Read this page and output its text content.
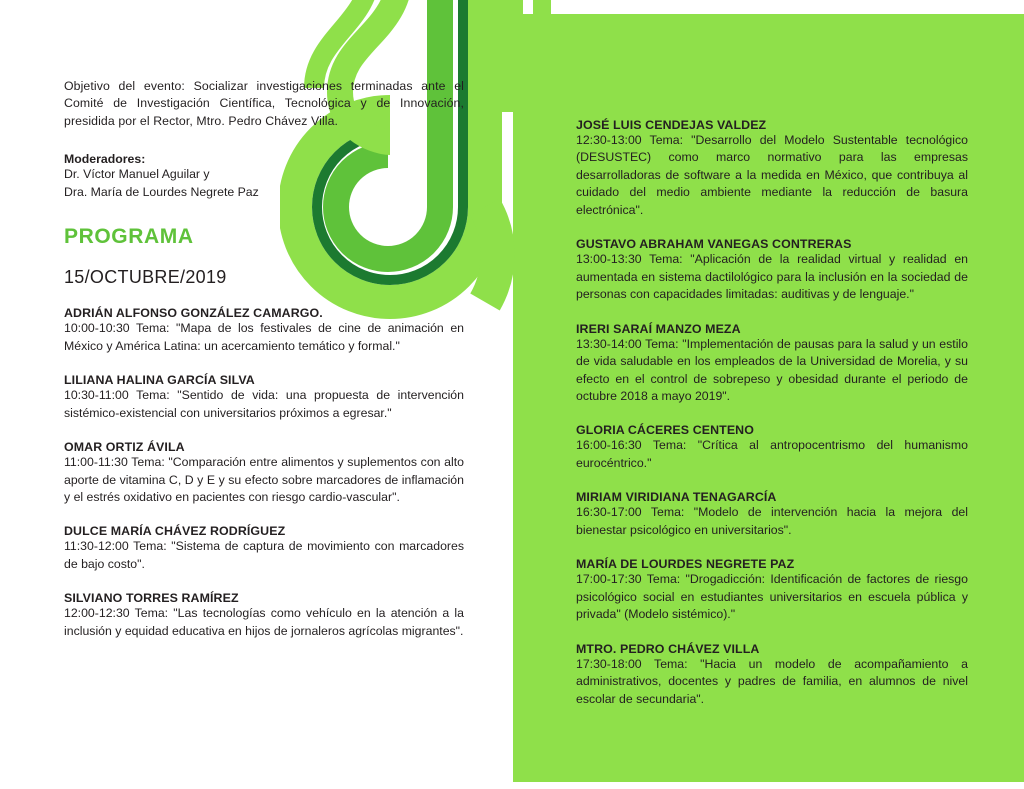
Objetivo del evento: Socializar investigaciones terminadas ante el Comité de Investigación Científica, Tecnológica y de Innovación, presidida por el Rector, Mtro. Pedro Chávez Villa.
Moderadores:
Dr. Víctor Manuel Aguilar y
Dra. María de Lourdes Negrete Paz
PROGRAMA
15/OCTUBRE/2019
ADRIÁN ALFONSO GONZÁLEZ CAMARGO.
10:00-10:30 Tema: "Mapa de los festivales de cine de animación en México y América Latina: un acercamiento temático y formal."
LILIANA HALINA GARCÍA SILVA
10:30-11:00 Tema: "Sentido de vida: una propuesta de intervención sistémico-existencial con universitarios próximos a egresar."
OMAR ORTIZ ÁVILA
11:00-11:30 Tema: "Comparación entre alimentos y suplementos con alto aporte de vitamina C, D y E y su efecto sobre marcadores de inflamación y el estrés oxidativo en pacientes con riesgo cardio-vascular".
DULCE MARÍA CHÁVEZ RODRÍGUEZ
11:30-12:00 Tema: "Sistema de captura de movimiento con marcadores de bajo costo".
SILVIANO TORRES RAMÍREZ
12:00-12:30 Tema: "Las tecnologías como vehículo en la atención a la inclusión y equidad educativa en hijos de jornaleros agrícolas migrantes".
JOSÉ LUIS CENDEJAS VALDEZ
12:30-13:00 Tema: "Desarrollo del Modelo Sustentable tecnológico (DESUSTEC) como marco normativo para las empresas desarrolladoras de software a la medida en México, que contribuya al cuidado del medio ambiente mediante la reducción de basura electrónica".
GUSTAVO ABRAHAM VANEGAS CONTRERAS
13:00-13:30 Tema: "Aplicación de la realidad virtual y realidad en aumentada en sistema dactilológico para la inclusión en la sociedad de personas con capacidades limitadas: auditivas y de lenguaje."
IRERI SARAÍ MANZO MEZA
13:30-14:00 Tema: "Implementación de pausas para la salud y un estilo de vida saludable en los empleados de la Universidad de Morelia, y su efecto en el control de sobrepeso y obesidad durante el periodo de octubre 2018 a mayo 2019".
GLORIA CÁCERES CENTENO
16:00-16:30 Tema: "Crítica al antropocentrismo del humanismo eurocéntrico."
MIRIAM VIRIDIANA TENAGARCÍA
16:30-17:00 Tema: "Modelo de intervención hacia la mejora del bienestar psicológico en universitarios".
MARÍA DE LOURDES NEGRETE PAZ
17:00-17:30 Tema: "Drogadicción: Identificación de factores de riesgo psicológico social en estudiantes universitarios en escuela pública y privada" (Modelo sistémico)."
MTRO. PEDRO CHÁVEZ VILLA
17:30-18:00 Tema: "Hacia un modelo de acompañamiento a administrativos, docentes y padres de familia, en alumnos de nivel escolar de secundaria".
